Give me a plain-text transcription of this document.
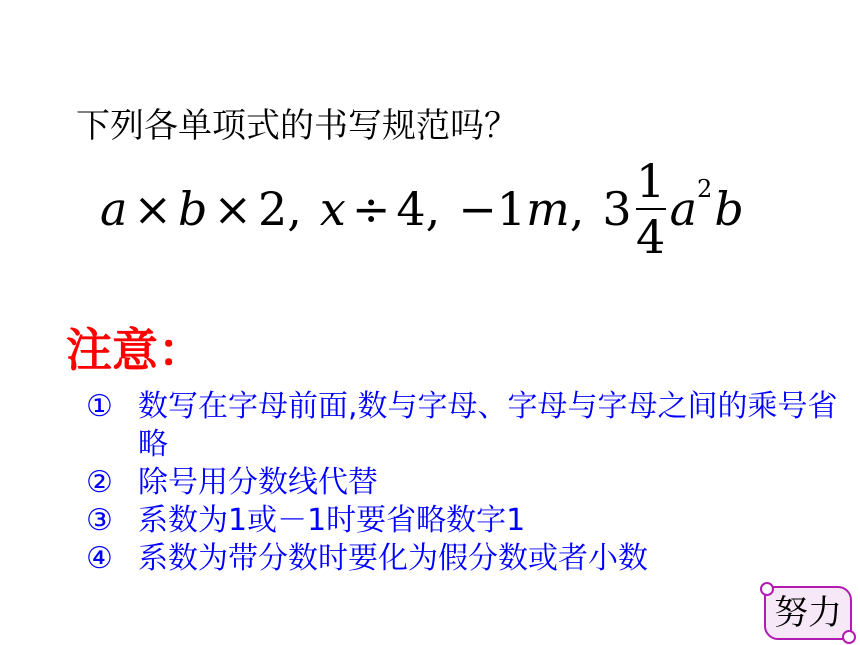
下列各单项式的书写规范吗？
a × b × 2, x ÷ 4, −1 m , $3 \frac{1}{4}$ a 2 b
注意：
① 数写在字母前面,数与字母、字母与字母之间的乘号省略
② 除号用分数线代替
③ 系数为1或－1时要省略数字1
④ 系数为带分数时要化为假分数或者小数
努力
